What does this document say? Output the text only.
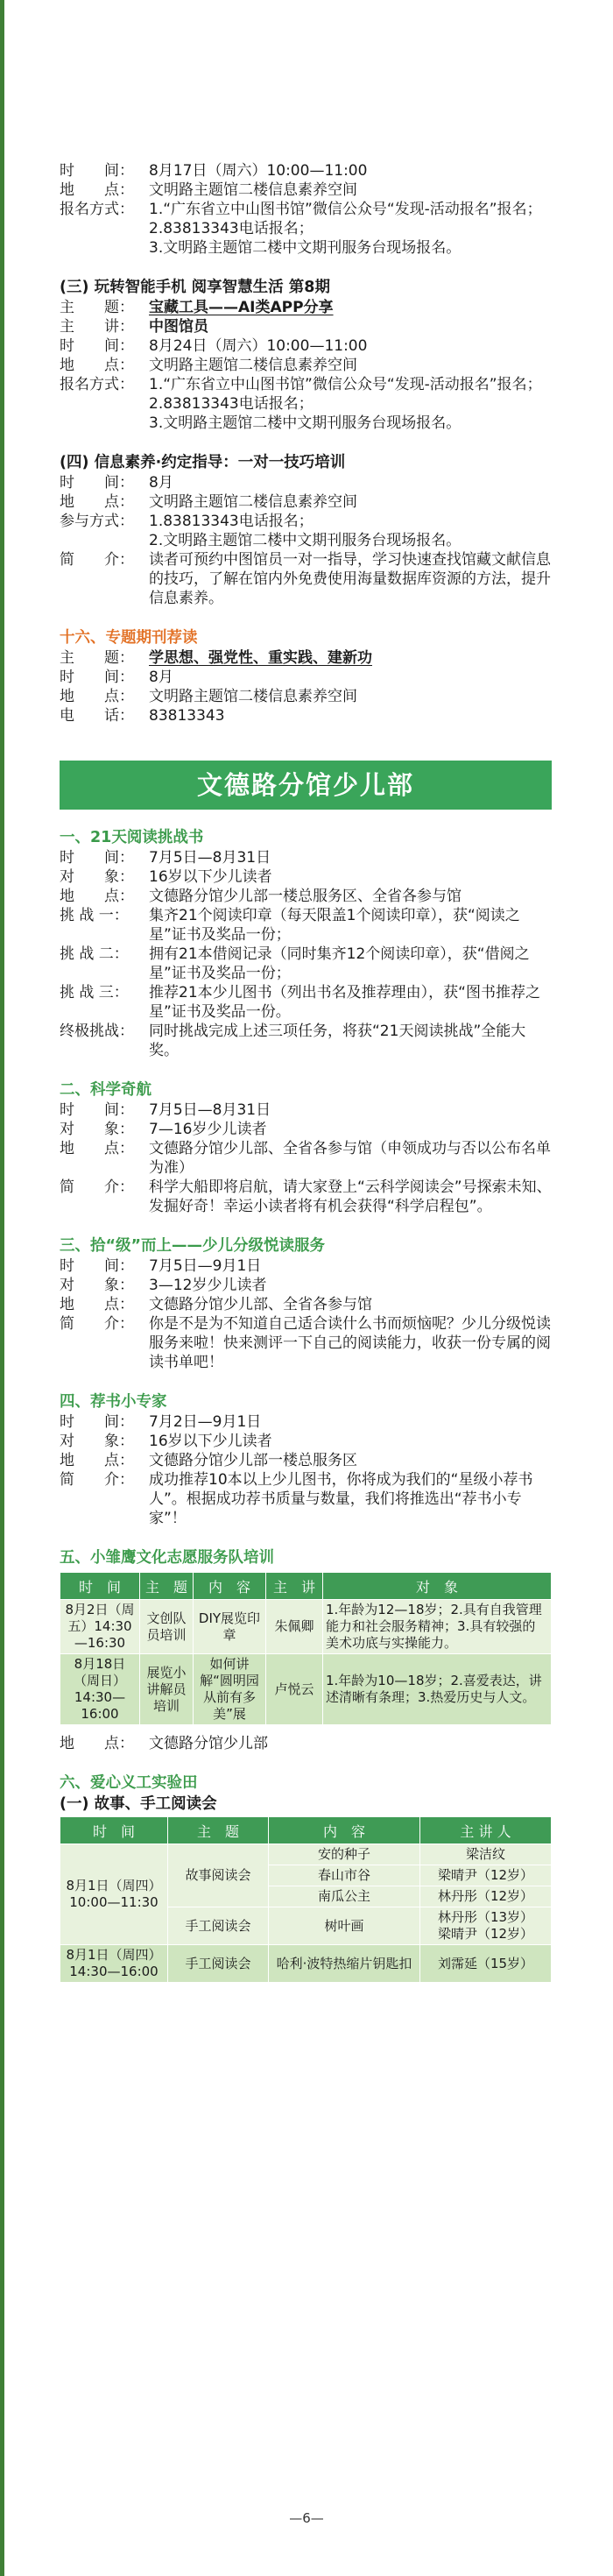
时　　间：	8月17日（周六）10:00—11:00
地　　点：	文明路主题馆二楼信息素养空间
报名方式：	1.“广东省立中山图书馆”微信公众号“发现-活动报名”报名；

2.83813343电话报名；

3.文明路主题馆二楼中文期刊服务台现场报名。

(三) 玩转智能手机 阅享智慧生活 第8期

主　　题：	宝藏工具——AI类APP分享
主　　讲：	中图馆员
时　　间：	8月24日（周六）10:00—11:00
地　　点：	文明路主题馆二楼信息素养空间
报名方式：	1.“广东省立中山图书馆”微信公众号“发现-活动报名”报名；

2.83813343电话报名；

3.文明路主题馆二楼中文期刊服务台现场报名。

(四) 信息素养·约定指导：一对一技巧培训

时　　间：	8月
地　　点：	文明路主题馆二楼信息素养空间
参与方式：	1.83813343电话报名；

2.文明路主题馆二楼中文期刊服务台现场报名。

简　　介：	读者可预约中图馆员一对一指导，学习快速查找馆藏文献信息的技巧，了解在馆内外免费使用海量数据库资源的方法，提升信息素养。

十六、专题期刊荐读

主　　题：	学思想、强党性、重实践、建新功
时　　间：	8月
地　　点：	文明路主题馆二楼信息素养空间
电　　话：	83813343
文德路分馆少儿部

一、21天阅读挑战书

时　　间：	7月5日—8月31日
对　　象：	16岁以下少儿读者
地　　点：	文德路分馆少儿部一楼总服务区、全省各参与馆
挑 战 一：	集齐21个阅读印章（每天限盖1个阅读印章），获“阅读之星”证书及奖品一份；
挑 战 二：	拥有21本借阅记录（同时集齐12个阅读印章），获“借阅之星”证书及奖品一份；
挑 战 三：	推荐21本少儿图书（列出书名及推荐理由），获“图书推荐之星”证书及奖品一份。
终极挑战：	同时挑战完成上述三项任务，将获“21天阅读挑战”全能大奖。

二、科学奇航

时　　间：	7月5日—8月31日
对　　象：	7—16岁少儿读者
地　　点：	文德路分馆少儿部、全省各参与馆（申领成功与否以公布名单为准）
简　　介：	科学大船即将启航，请大家登上“云科学阅读会”号探索未知、发掘好奇！幸运小读者将有机会获得“科学启程包”。

三、拾“级”而上——少儿分级悦读服务

时　　间：	7月5日—9月1日
对　　象：	3—12岁少儿读者
地　　点：	文德路分馆少儿部、全省各参与馆
简　　介：	你是不是为不知道自己适合读什么书而烦恼呢？少儿分级悦读服务来啦！快来测评一下自己的阅读能力，收获一份专属的阅读书单吧！

四、荐书小专家

时　　间：	7月2日—9月1日
对　　象：	16岁以下少儿读者
地　　点：	文德路分馆少儿部一楼总服务区
简　　介：	成功推荐10本以上少儿图书，你将成为我们的“星级小荐书人”。根据成功荐书质量与数量，我们将推选出“荐书小专家”！

五、小雏鹰文化志愿服务队培训

时　间	主　题	内　容	主　讲	对　象
8月2日（周五）14:30—16:30	文创队员培训	DIY展览印章	朱佩卿	1.年龄为12—18岁；2.具有自我管理能力和社会服务精神；3.具有较强的美术功底与实操能力。
8月18日（周日）14:30—16:00	展览小讲解员培训	如何讲解“圆明园从前有多美”展	卢悦云	1.年龄为10—18岁；2.喜爱表达，讲述清晰有条理；3.热爱历史与人文。
地　　点：	文德路分馆少儿部

六、爱心义工实验田

(一) 故事、手工阅读会

时　间	主　题	内　容	主 讲 人
8月1日（周四）10:00—11:30	故事阅读会	安的种子	梁洁纹
		春山市谷	梁晴尹（12岁）
		南瓜公主	林丹彤（12岁）
	手工阅读会	树叶画	林丹彤（13岁）
梁晴尹（12岁）
8月1日（周四）14:30—16:00	手工阅读会	哈利·波特热缩片钥匙扣	刘霈延（15岁）
—6—
